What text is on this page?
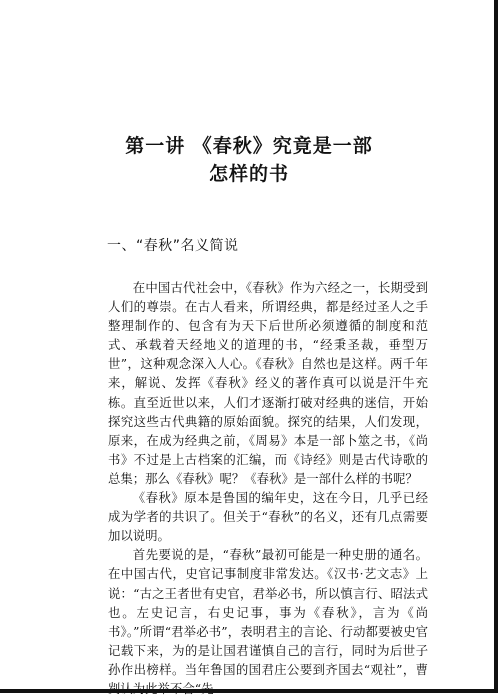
第一讲 《春秋》究竟是一部
怎样的书
一、“春秋”名义简说

在中国古代社会中，《春秋》作为六经之一，长期受到人们的尊崇。在古人看来，所谓经典，都是经过圣人之手整理制作的、包含有为天下后世所必须遵循的制度和范式、承载着天经地义的道理的书，“经秉圣裁，垂型万世”，这种观念深入人心。《春秋》自然也是这样。两千年来，解说、发挥《春秋》经义的著作真可以说是汗牛充栋。直至近世以来，人们才逐渐打破对经典的迷信，开始探究这些古代典籍的原始面貌。探究的结果，人们发现，原来，在成为经典之前，《周易》本是一部卜筮之书，《尚书》不过是上古档案的汇编，而《诗经》则是古代诗歌的总集；那么《春秋》呢？《春秋》是一部什么样的书呢？

《春秋》原本是鲁国的编年史，这在今日，几乎已经成为学者的共识了。但关于“春秋”的名义，还有几点需要加以说明。

首先要说的是，“春秋”最初可能是一种史册的通名。在中国古代，史官记事制度非常发达。《汉书·艺文志》上说：“古之王者世有史官，君举必书，所以慎言行、昭法式也。左史记言，右史记事，事为《春秋》，言为《尚书》。”所谓“君举必书”，表明君主的言论、行动都要被史官记载下来，为的是让国君谨慎自己的言行，同时为后世子孙作出榜样。当年鲁国的国君庄公要到齐国去“观社”，曹
